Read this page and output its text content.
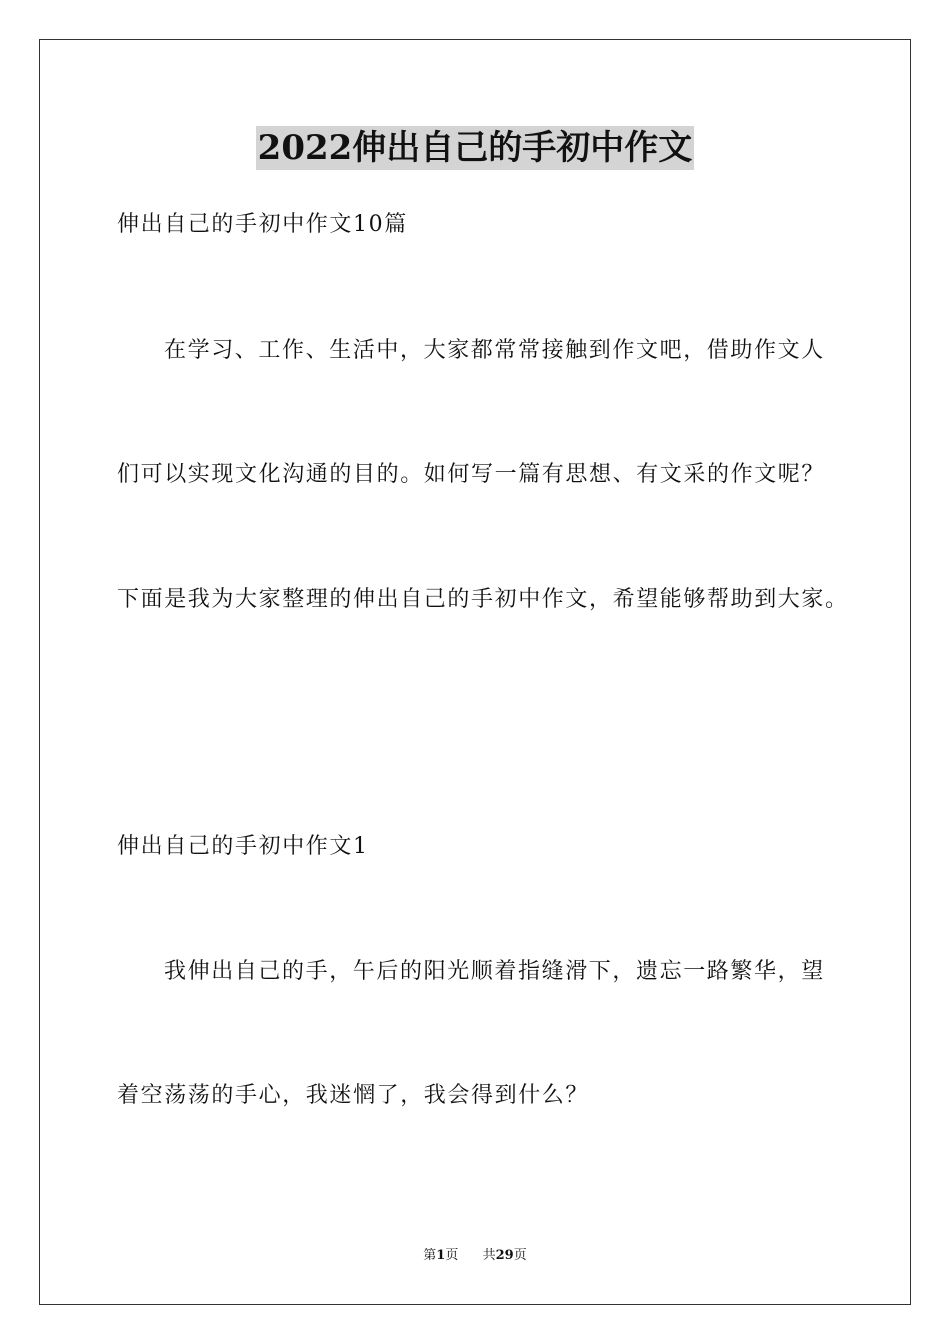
2022伸出自己的手初中作文
伸出自己的手初中作文10篇
在学习、工作、生活中，大家都常常接触到作文吧，借助作文人
们可以实现文化沟通的目的。如何写一篇有思想、有文采的作文呢？
下面是我为大家整理的伸出自己的手初中作文，希望能够帮助到大家。
伸出自己的手初中作文1
我伸出自己的手，午后的阳光顺着指缝滑下，遗忘一路繁华，望
着空荡荡的手心，我迷惘了，我会得到什么？
第1页 共29页
